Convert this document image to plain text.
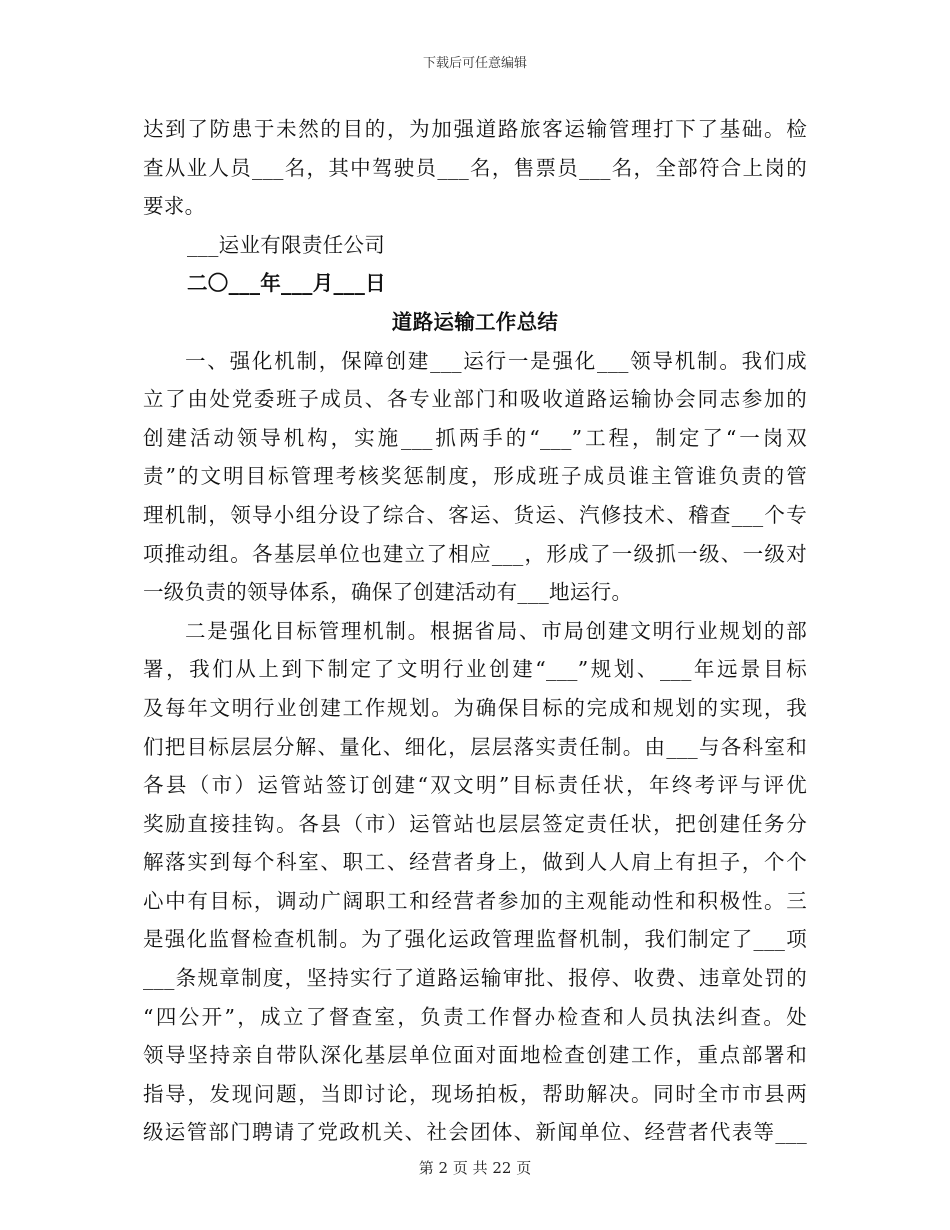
下载后可任意编辑
达到了防患于未然的目的，为加强道路旅客运输管理打下了基础。检
查从业人员___名，其中驾驶员___名，售票员___名，全部符合上岗的
要求。
___运业有限责任公司
二〇___年___月___日
道路运输工作总结
一、强化机制，保障创建___运行一是强化___领导机制。我们成
立了由处党委班子成员、各专业部门和吸收道路运输协会同志参加的
创建活动领导机构，实施___抓两手的“___”工程，制定了“一岗双
责”的文明目标管理考核奖惩制度，形成班子成员谁主管谁负责的管
理机制，领导小组分设了综合、客运、货运、汽修技术、稽查___个专
项推动组。各基层单位也建立了相应___，形成了一级抓一级、一级对
一级负责的领导体系，确保了创建活动有___地运行。
二是强化目标管理机制。根据省局、市局创建文明行业规划的部
署，我们从上到下制定了文明行业创建“___”规划、___年远景目标
及每年文明行业创建工作规划。为确保目标的完成和规划的实现，我
们把目标层层分解、量化、细化，层层落实责任制。由___与各科室和
各县（市）运管站签订创建“双文明”目标责任状，年终考评与评优
奖励直接挂钩。各县（市）运管站也层层签定责任状，把创建任务分
解落实到每个科室、职工、经营者身上，做到人人肩上有担子，个个
心中有目标，调动广阔职工和经营者参加的主观能动性和积极性。三
是强化监督检查机制。为了强化运政管理监督机制，我们制定了___项
___条规章制度，坚持实行了道路运输审批、报停、收费、违章处罚的
“四公开”，成立了督查室，负责工作督办检查和人员执法纠查。处
领导坚持亲自带队深化基层单位面对面地检查创建工作，重点部署和
指导，发现问题，当即讨论，现场拍板，帮助解决。同时全市市县两
级运管部门聘请了党政机关、社会团体、新闻单位、经营者代表等___
第 2 页 共 22 页
